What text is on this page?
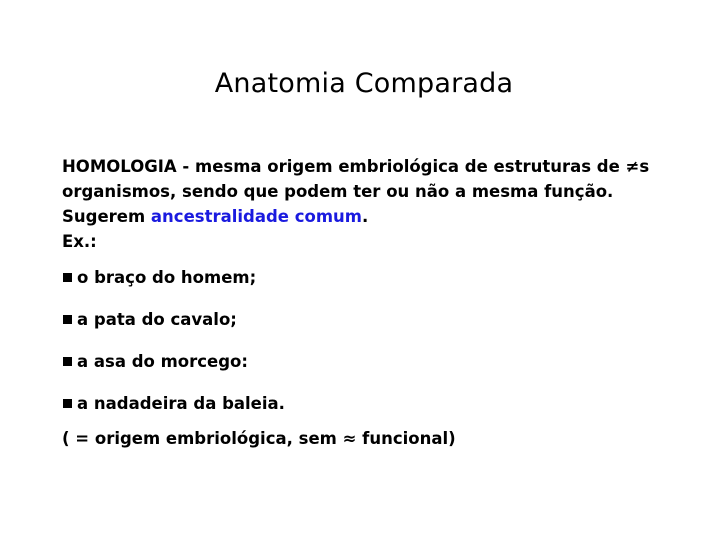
Anatomia Comparada

HOMOLOGIA - mesma origem embriológica de estruturas de ≠s organismos, sendo que podem ter ou não a mesma função. Sugerem ancestralidade comum.
Ex.:

o braço do homem;
a pata do cavalo;
a asa do morcego:
a nadadeira da baleia.

( = origem embriológica, sem ≈ funcional)
